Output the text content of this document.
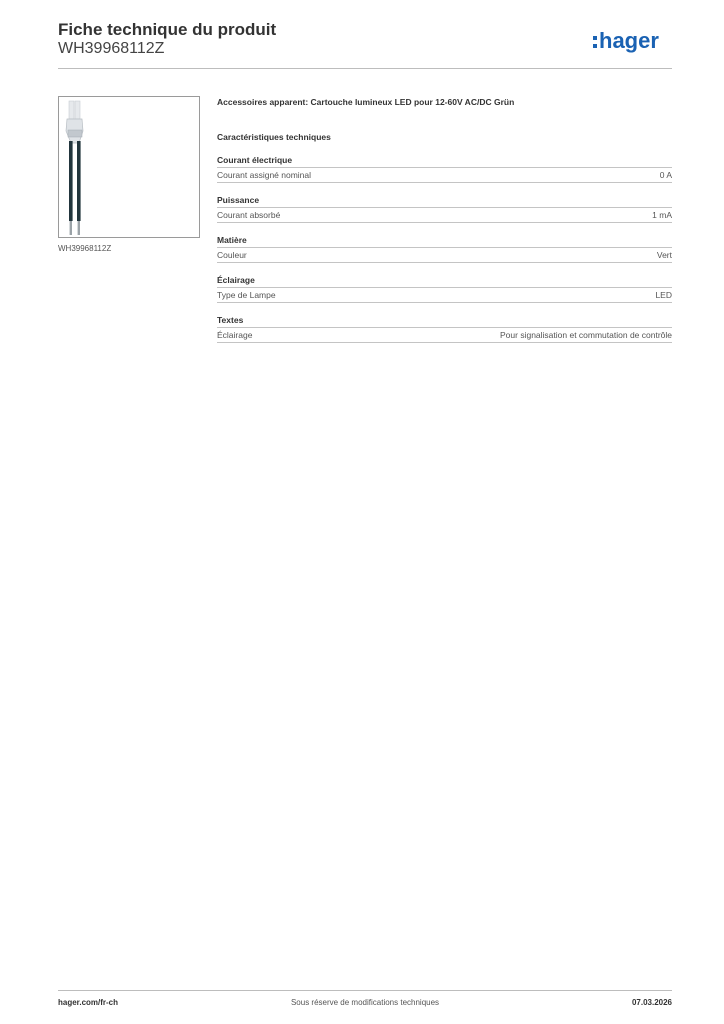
Fiche technique du produit
WH39968112Z	hager
WH39968112Z
Accessoires apparent: Cartouche lumineux LED pour 12-60V AC/DC Grün
Caractéristiques techniques
Courant électrique
Courant assigné nominal	0 A
Puissance
Courant absorbé	1 mA
Matière
Couleur	Vert
Éclairage
Type de Lampe	LED
Textes
Éclairage	Pour signalisation et commutation de contrôle
hager.com/fr-ch	Sous réserve de modifications techniques	07.03.2026
